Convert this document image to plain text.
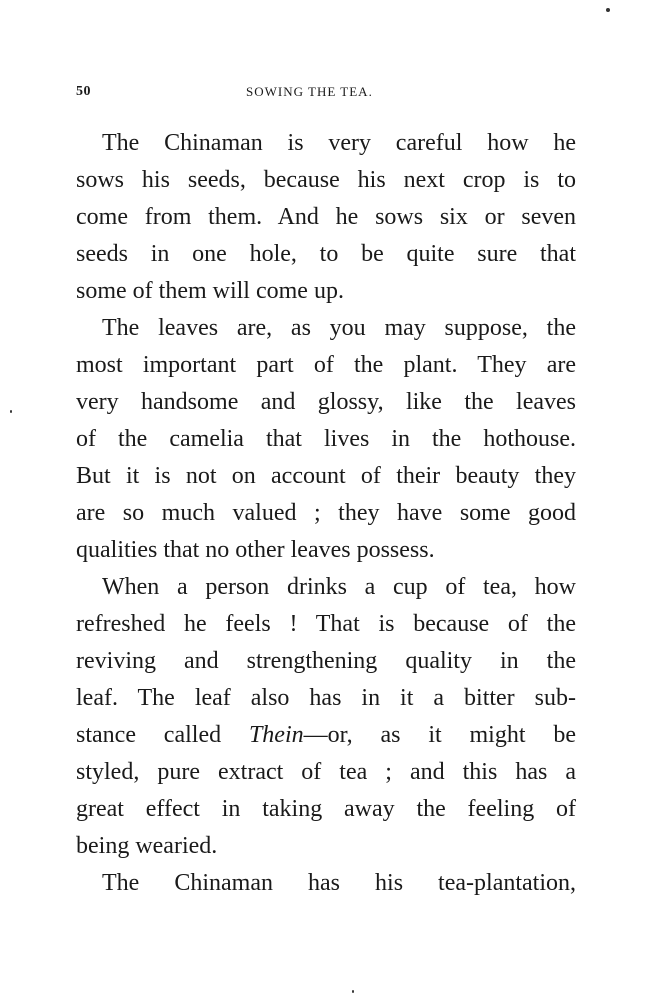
50	SOWING THE TEA.
The Chinaman is very careful how he
sows his seeds, because his next crop is to
come from them. And he sows six or seven
seeds in one hole, to be quite sure that
some of them will come up.
The leaves are, as you may suppose, the
most important part of the plant. They are
very handsome and glossy, like the leaves
of the camelia that lives in the hothouse.
But it is not on account of their beauty they
are so much valued ; they have some good
qualities that no other leaves possess.
When a person drinks a cup of tea, how
refreshed he feels ! That is because of the
reviving and strengthening quality in the
leaf. The leaf also has in it a bitter sub-
stance called Thein—or, as it might be
styled, pure extract of tea ; and this has a
great effect in taking away the feeling of
being wearied.
The Chinaman has his tea-plantation,
